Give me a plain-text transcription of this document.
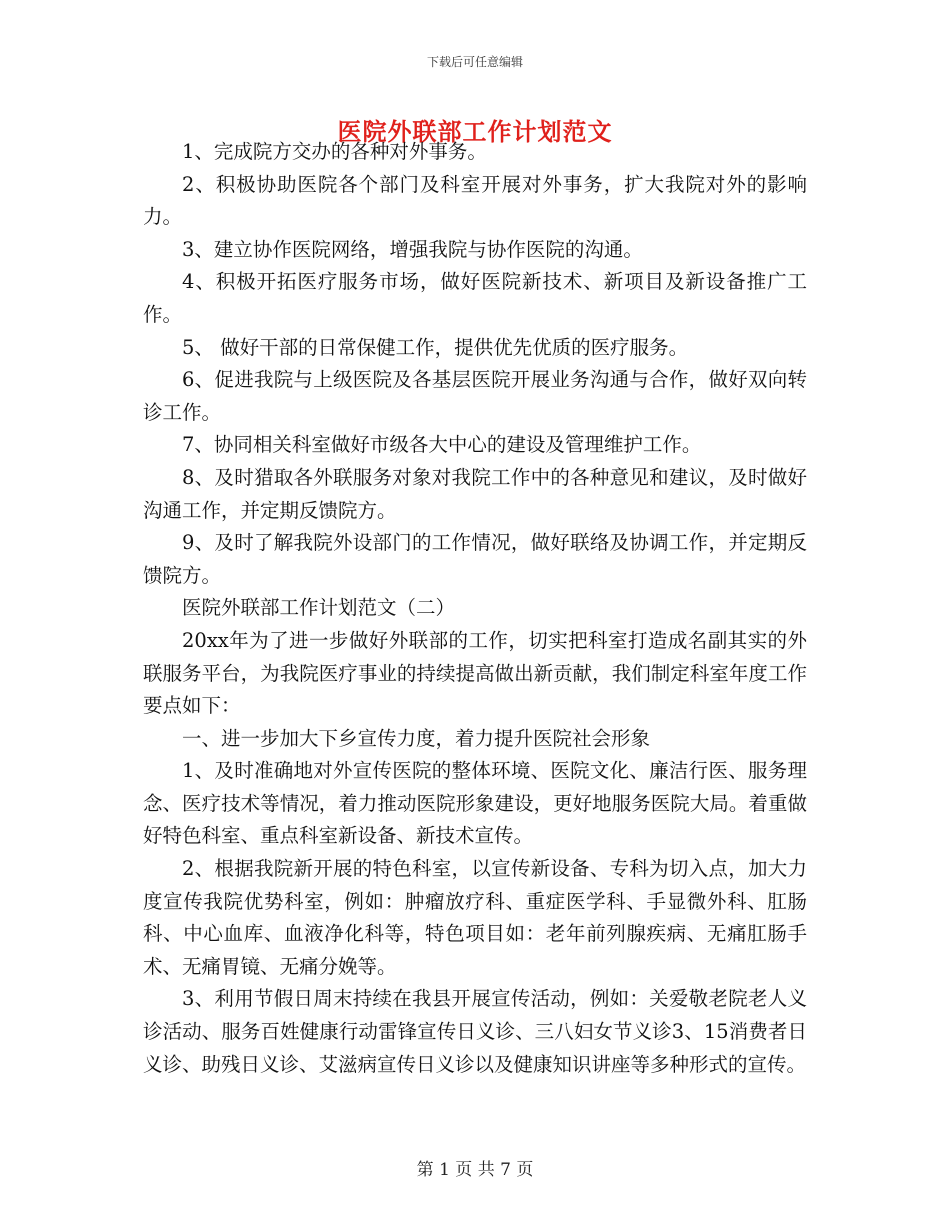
下载后可任意编辑
医院外联部工作计划范文

1、完成院方交办的各种对外事务。

2、积极协助医院各个部门及科室开展对外事务，扩大我院对外的影响力。

3、建立协作医院网络，增强我院与协作医院的沟通。

4、积极开拓医疗服务市场，做好医院新技术、新项目及新设备推广工作。

5、 做好干部的日常保健工作，提供优先优质的医疗服务。

6、促进我院与上级医院及各基层医院开展业务沟通与合作，做好双向转诊工作。

7、协同相关科室做好市级各大中心的建设及管理维护工作。

8、及时猎取各外联服务对象对我院工作中的各种意见和建议，及时做好沟通工作，并定期反馈院方。

9、及时了解我院外设部门的工作情况，做好联络及协调工作，并定期反馈院方。

医院外联部工作计划范文（二）

20xx年为了进一步做好外联部的工作，切实把科室打造成名副其实的外联服务平台，为我院医疗事业的持续提高做出新贡献，我们制定科室年度工作要点如下：

一、进一步加大下乡宣传力度，着力提升医院社会形象

1、及时准确地对外宣传医院的整体环境、医院文化、廉洁行医、服务理念、医疗技术等情况，着力推动医院形象建设，更好地服务医院大局。着重做好特色科室、重点科室新设备、新技术宣传。

2、根据我院新开展的特色科室，以宣传新设备、专科为切入点，加大力度宣传我院优势科室，例如：肿瘤放疗科、重症医学科、手显微外科、肛肠科、中心血库、血液净化科等，特色项目如：老年前列腺疾病、无痛肛肠手术、无痛胃镜、无痛分娩等。

3、利用节假日周末持续在我县开展宣传活动，例如：关爱敬老院老人义诊活动、服务百姓健康行动雷锋宣传日义诊、三八妇女节义诊3、15消费者日义诊、助残日义诊、艾滋病宣传日义诊以及健康知识讲座等多种形式的宣传。

第 1 页 共 7 页
